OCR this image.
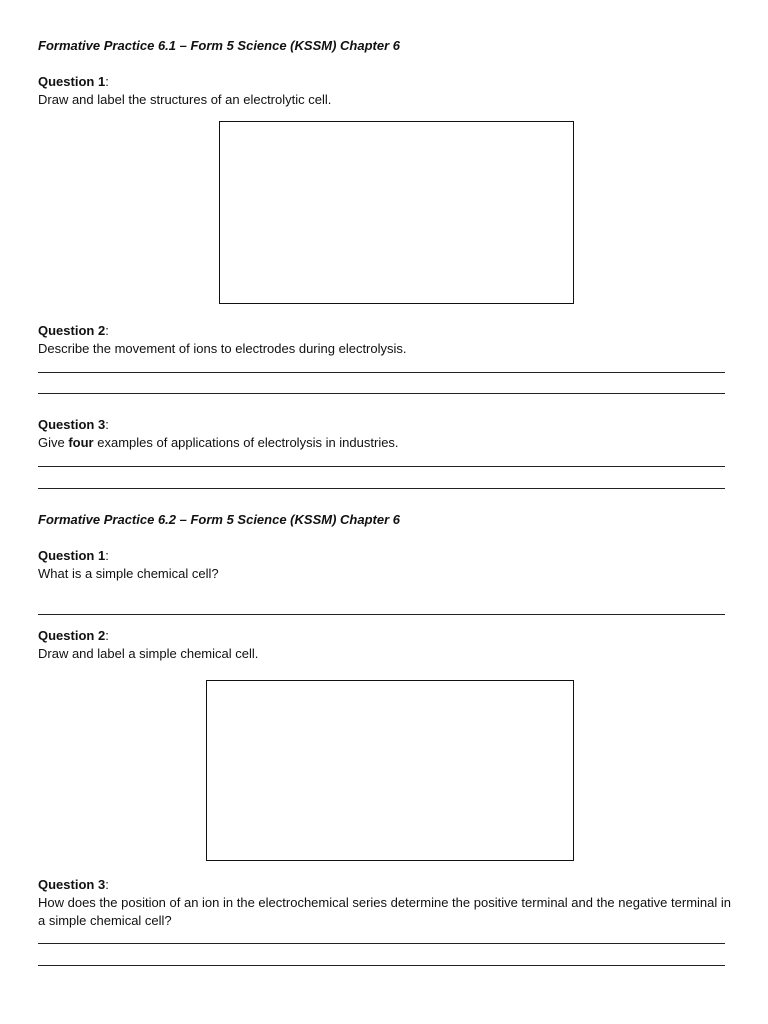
Formative Practice 6.1 – Form 5 Science (KSSM) Chapter 6
Question 1:
Draw and label the structures of an electrolytic cell.
Question 2:
Describe the movement of ions to electrodes during electrolysis.
Question 3:
Give four examples of applications of electrolysis in industries.
Formative Practice 6.2 – Form 5 Science (KSSM) Chapter 6
Question 1:
What is a simple chemical cell?
Question 2:
Draw and label a simple chemical cell.
Question 3:
How does the position of an ion in the electrochemical series determine the positive terminal and the negative terminal in a simple chemical cell?
